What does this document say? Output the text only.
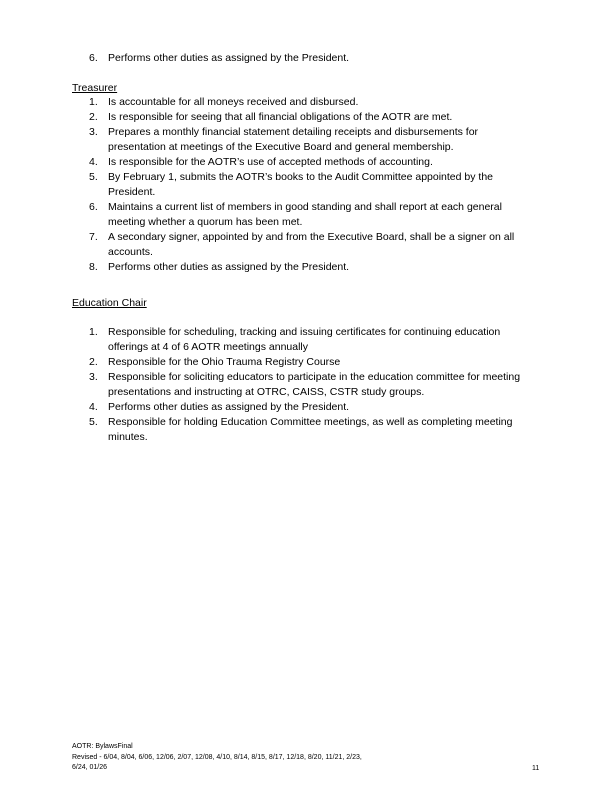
6. Performs other duties as assigned by the President.
Treasurer
1. Is accountable for all moneys received and disbursed.
2. Is responsible for seeing that all financial obligations of the AOTR are met.
3. Prepares a monthly financial statement detailing receipts and disbursements for presentation at meetings of the Executive Board and general membership.
4. Is responsible for the AOTR’s use of accepted methods of accounting.
5. By February 1, submits the AOTR’s books to the Audit Committee appointed by the President.
6. Maintains a current list of members in good standing and shall report at each general meeting whether a quorum has been met.
7. A secondary signer, appointed by and from the Executive Board, shall be a signer on all accounts.
8. Performs other duties as assigned by the President.
Education Chair
1. Responsible for scheduling, tracking and issuing certificates for continuing education offerings at 4 of 6 AOTR meetings annually
2. Responsible for the Ohio Trauma Registry Course
3. Responsible for soliciting educators to participate in the education committee for meeting presentations and instructing at OTRC, CAISS, CSTR study groups.
4. Performs other duties as assigned by the President.
5. Responsible for holding Education Committee meetings, as well as completing meeting minutes.
AOTR: BylawsFinal
Revised - 6/04, 8/04, 6/06, 12/06, 2/07, 12/08, 4/10, 8/14, 8/15, 8/17, 12/18, 8/20, 11/21, 2/23,
6/24, 01/26	11
